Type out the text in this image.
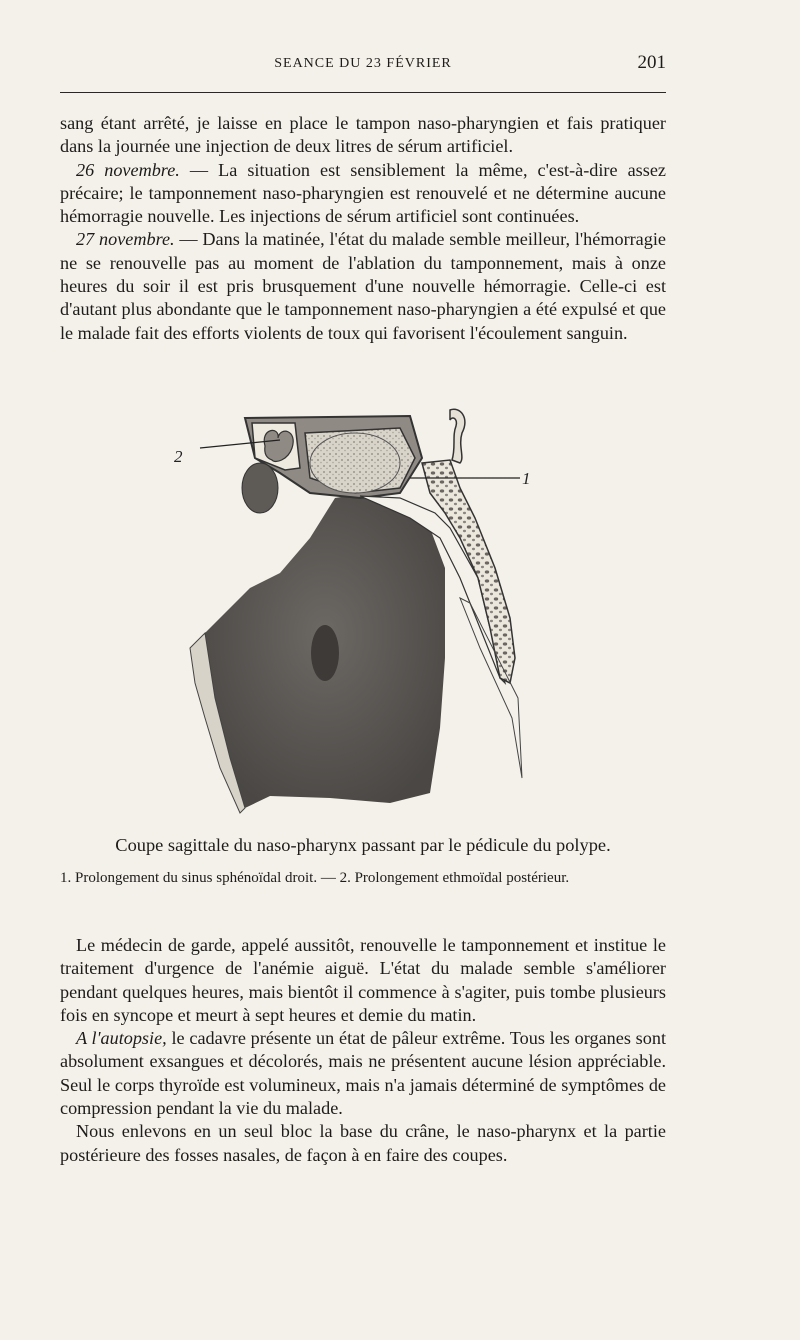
SEANCE DU 23 FÉVRIER	201

sang étant arrêté, je laisse en place le tampon naso-pharyngien et fais pratiquer dans la journée une injection de deux litres de sérum artificiel.

26 novembre. — La situation est sensiblement la même, c'est-à-dire assez précaire; le tamponnement naso-pharyngien est renouvelé et ne détermine aucune hémorragie nouvelle. Les injections de sérum artificiel sont continuées.

27 novembre. — Dans la matinée, l'état du malade semble meilleur, l'hémorragie ne se renouvelle pas au moment de l'ablation du tamponnement, mais à onze heures du soir il est pris brusquement d'une nouvelle hémorragie. Celle-ci est d'autant plus abondante que le tamponnement naso-pharyngien a été expulsé et que le malade fait des efforts violents de toux qui favorisent l'écoulement sanguin.

2
1
Coupe sagittale du naso-pharynx passant par le pédicule du polype.
1. Prolongement du sinus sphénoïdal droit. — 2. Prolongement ethmoïdal postérieur.

Le médecin de garde, appelé aussitôt, renouvelle le tamponnement et institue le traitement d'urgence de l'anémie aiguë. L'état du malade semble s'améliorer pendant quelques heures, mais bientôt il commence à s'agiter, puis tombe plusieurs fois en syncope et meurt à sept heures et demie du matin.

A l'autopsie, le cadavre présente un état de pâleur extrême. Tous les organes sont absolument exsangues et décolorés, mais ne présentent aucune lésion appréciable. Seul le corps thyroïde est volumineux, mais n'a jamais déterminé de symptômes de compression pendant la vie du malade.

Nous enlevons en un seul bloc la base du crâne, le naso-pharynx et la partie postérieure des fosses nasales, de façon à en faire des coupes.
